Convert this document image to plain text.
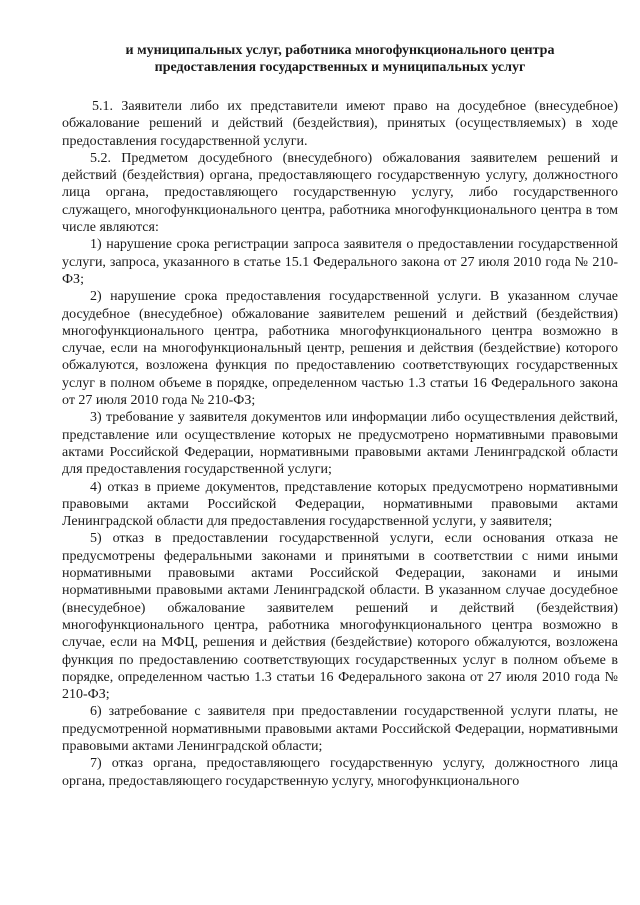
и муниципальных услуг, работника многофункционального центра
предоставления государственных и муниципальных услуг

5.1. Заявители либо их представители имеют право на досудебное (внесудебное) обжалование решений и действий (бездействия), принятых (осуществляемых) в ходе предоставления государственной услуги.

5.2. Предметом досудебного (внесудебного) обжалования заявителем решений и действий (бездействия) органа, предоставляющего государственную услугу, должностного лица органа, предоставляющего государственную услугу, либо государственного служащего, многофункционального центра, работника многофункционального центра в том числе являются:

1) нарушение срока регистрации запроса заявителя о предоставлении государственной услуги, запроса, указанного в статье 15.1 Федерального закона от 27 июля 2010 года № 210-ФЗ;

2) нарушение срока предоставления государственной услуги. В указанном случае досудебное (внесудебное) обжалование заявителем решений и действий (бездействия) многофункционального центра, работника многофункционального центра возможно в случае, если на многофункциональный центр, решения и действия (бездействие) которого обжалуются, возложена функция по предоставлению соответствующих государственных услуг в полном объеме в порядке, определенном частью 1.3 статьи 16 Федерального закона от 27 июля 2010 года № 210-ФЗ;

3) требование у заявителя документов или информации либо осуществления действий, представление или осуществление которых не предусмотрено нормативными правовыми актами Российской Федерации, нормативными правовыми актами Ленинградской области для предоставления государственной услуги;

4) отказ в приеме документов, представление которых предусмотрено нормативными правовыми актами Российской Федерации, нормативными правовыми актами Ленинградской области для предоставления государственной услуги, у заявителя;

5) отказ в предоставлении государственной услуги, если основания отказа не предусмотрены федеральными законами и принятыми в соответствии с ними иными нормативными правовыми актами Российской Федерации, законами и иными нормативными правовыми актами Ленинградской области. В указанном случае досудебное (внесудебное) обжалование заявителем решений и действий (бездействия) многофункционального центра, работника многофункционального центра возможно в случае, если на МФЦ, решения и действия (бездействие) которого обжалуются, возложена функция по предоставлению соответствующих государственных услуг в полном объеме в порядке, определенном частью 1.3 статьи 16 Федерального закона от 27 июля 2010 года № 210-ФЗ;

6) затребование с заявителя при предоставлении государственной услуги платы, не предусмотренной нормативными правовыми актами Российской Федерации, нормативными правовыми актами Ленинградской области;

7) отказ органа, предоставляющего государственную услугу, должностного лица органа, предоставляющего государственную услугу, многофункционального
